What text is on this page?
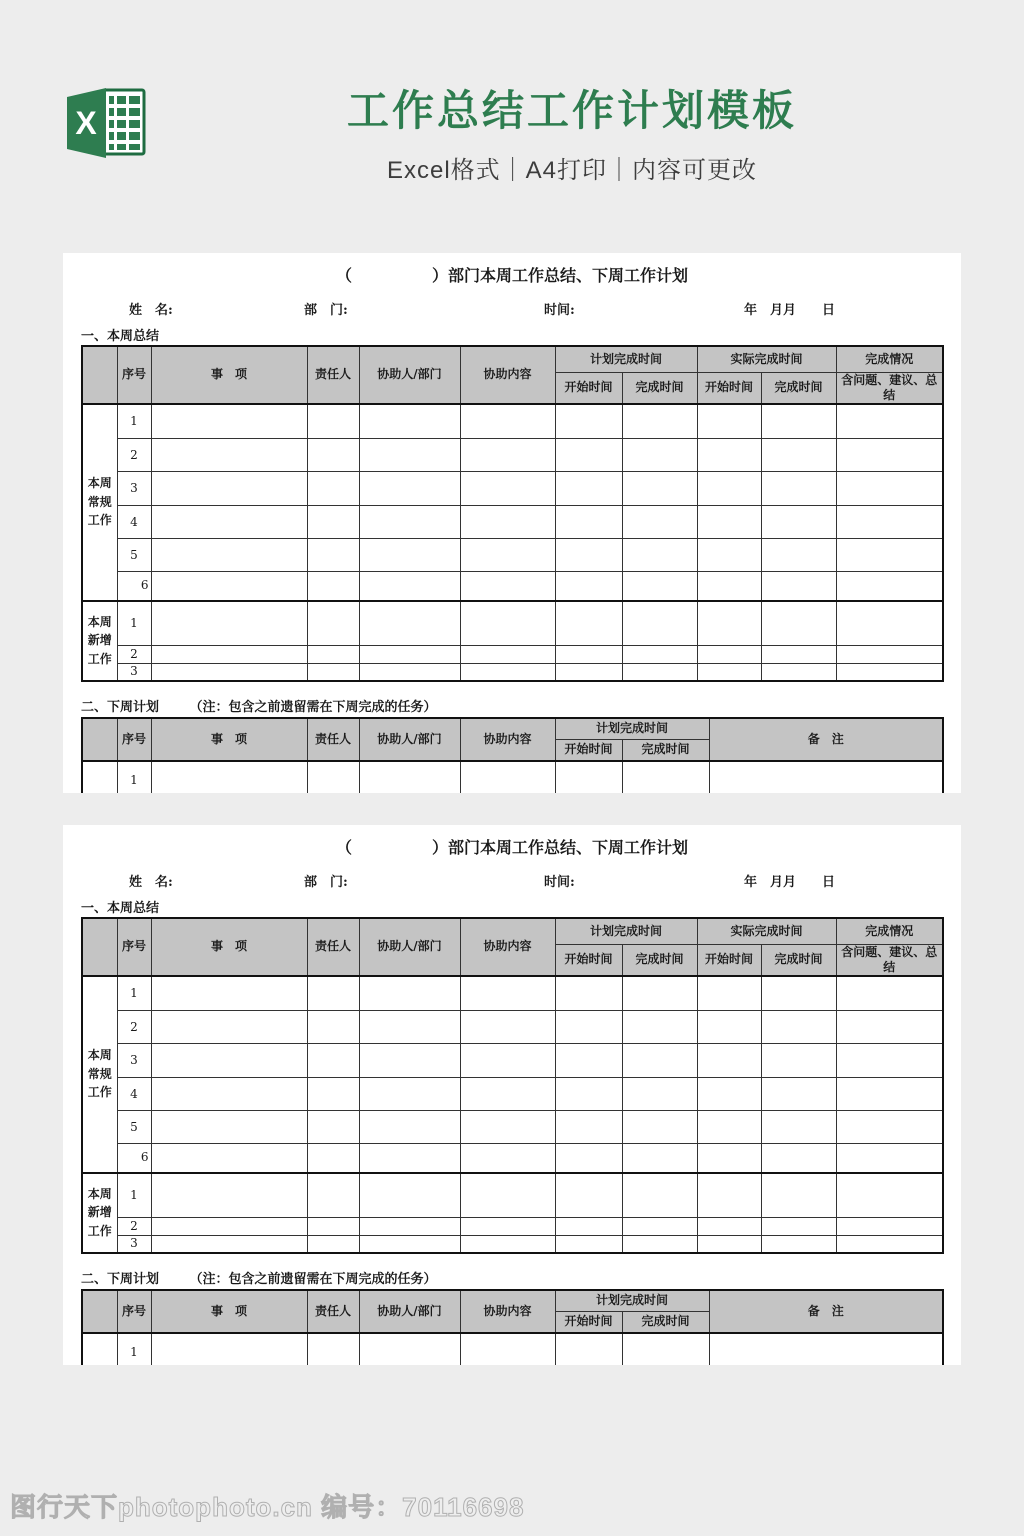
X	工作总结工作计划模板
Excel格式｜A4打印｜内容可更改
（　　　　　）部门本周工作总结、下周工作计划
姓　名:	部　门:	时间:	年　月月　　日
一、本周总结
	序号	事　项	责任人	协助人/部门	协助内容	计划完成时间		实际完成时间		完成情况
						开始时间	完成时间	开始时间	完成时间	含问题、建议、总结
本周常规工作	1									
	2									
	3									
	4									
	5									
	6									
本周新增工作	1									
	2									
	3									
二、下周计划 （注：包含之前遗留需在下周完成的任务）
	序号	事　项	责任人	协助人/部门	协助内容	计划完成时间		备　注
						开始时间	完成时间	
	1							
（　　　　　）部门本周工作总结、下周工作计划
姓　名:	部　门:	时间:	年　月月　　日
一、本周总结
	序号	事　项	责任人	协助人/部门	协助内容	计划完成时间		实际完成时间		完成情况
						开始时间	完成时间	开始时间	完成时间	含问题、建议、总结
本周常规工作	1									
	2									
	3									
	4									
	5									
	6									
本周新增工作	1									
	2									
	3									
二、下周计划 （注：包含之前遗留需在下周完成的任务）
	序号	事　项	责任人	协助人/部门	协助内容	计划完成时间		备　注
						开始时间	完成时间	
	1							
图行天下photophoto.cn 编号：70116698
